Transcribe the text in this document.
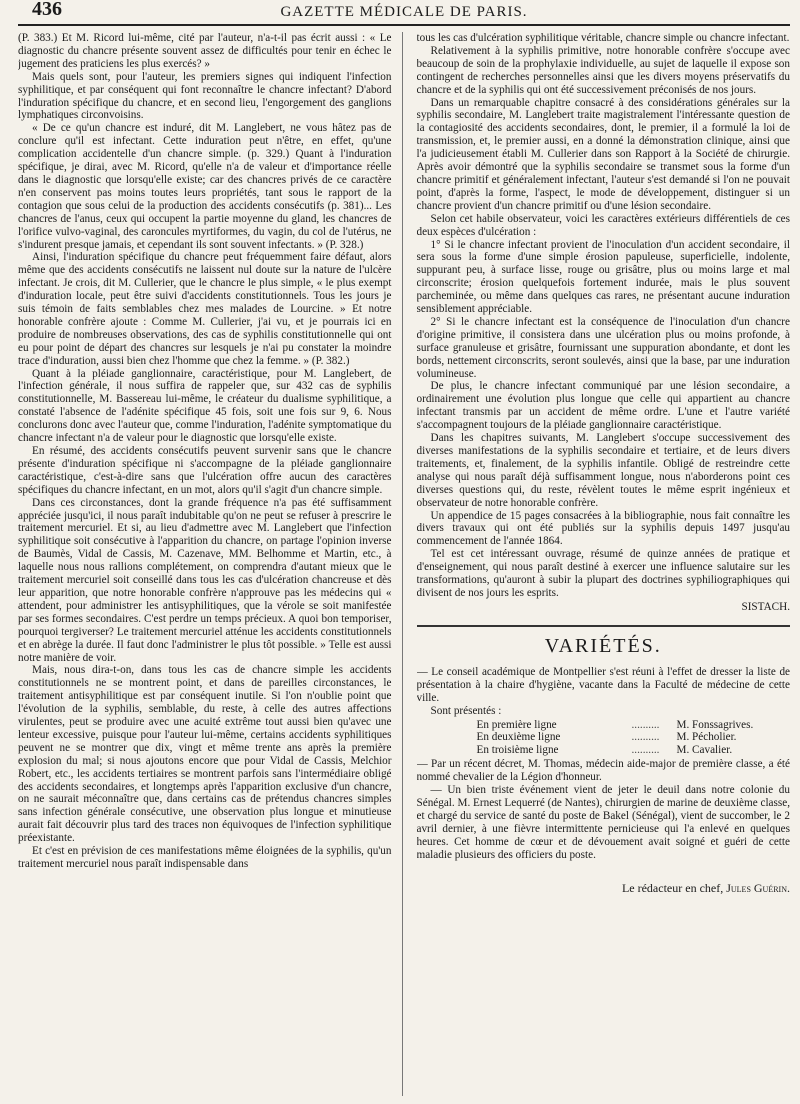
436	GAZETTE MÉDICALE DE PARIS.

(P. 383.) Et M. Ricord lui-même, cité par l'auteur, n'a-t-il pas écrit aussi : « Le diagnostic du chancre présente souvent assez de difficultés pour tenir en échec le jugement des praticiens les plus exercés? »

Mais quels sont, pour l'auteur, les premiers signes qui indiquent l'infection syphilitique, et par conséquent qui font reconnaître le chancre infectant? D'abord l'induration spécifique du chancre, et en second lieu, l'engorgement des ganglions lymphatiques circonvoisins.

« De ce qu'un chancre est induré, dit M. Langlebert, ne vous hâtez pas de conclure qu'il est infectant. Cette induration peut n'être, en effet, qu'une complication accidentelle d'un chancre simple. (p. 329.) Quant à l'induration spécifique, je dirai, avec M. Ricord, qu'elle n'a de valeur et d'importance réelle dans le diagnostic que lorsqu'elle existe; car des chancres privés de ce caractère n'en conservent pas moins toutes leurs propriétés, tant sous le rapport de la contagion que sous celui de la production des accidents consécutifs (p. 381)... Les chancres de l'anus, ceux qui occupent la partie moyenne du gland, les chancres de l'orifice vulvo-vaginal, des caroncules myrtiformes, du vagin, du col de l'utérus, ne s'indurent presque jamais, et cependant ils sont souvent infectants. » (P. 328.)

Ainsi, l'induration spécifique du chancre peut fréquemment faire défaut, alors même que des accidents consécutifs ne laissent nul doute sur la nature de l'ulcère infectant. Je crois, dit M. Cullerier, que le chancre le plus simple, « le plus exempt d'induration locale, peut être suivi d'accidents constitutionnels. Tous les jours je suis témoin de faits semblables chez mes malades de Lourcine. » Et notre honorable confrère ajoute : Comme M. Cullerier, j'ai vu, et je pourrais ici en produire de nombreuses observations, des cas de syphilis constitutionnelle qui ont eu pour point de départ des chancres sur lesquels je n'ai pu constater la moindre trace d'induration, aussi bien chez l'homme que chez la femme. » (P. 382.)

Quant à la pléiade ganglionnaire, caractéristique, pour M. Langlebert, de l'infection générale, il nous suffira de rappeler que, sur 432 cas de syphilis constitutionnelle, M. Bassereau lui-même, le créateur du dualisme syphilitique, a constaté l'absence de l'adénite spécifique 45 fois, soit une fois sur 9, 6. Nous conclurons donc avec l'auteur que, comme l'induration, l'adénite symptomatique du chancre infectant n'a de valeur pour le diagnostic que lorsqu'elle existe.

En résumé, des accidents consécutifs peuvent survenir sans que le chancre présente d'induration spécifique ni s'accompagne de la pléiade ganglionnaire caractéristique, c'est-à-dire sans que l'ulcération offre aucun des caractères spécifiques du chancre infectant, en un mot, alors qu'il s'agit d'un chancre simple.

Dans ces circonstances, dont la grande fréquence n'a pas été suffisamment appréciée jusqu'ici, il nous paraît indubitable qu'on ne peut se refuser à prescrire le traitement mercuriel. Et si, au lieu d'admettre avec M. Langlebert que l'infection syphilitique soit consécutive à l'apparition du chancre, on partage l'opinion inverse de Baumès, Vidal de Cassis, M. Cazenave, MM. Belhomme et Martin, etc., à laquelle nous nous rallions complétement, on comprendra d'autant mieux que le traitement mercuriel soit conseillé dans tous les cas d'ulcération chancreuse et dès leur apparition, que notre honorable confrère n'approuve pas les médecins qui « attendent, pour administrer les antisyphilitiques, que la vérole se soit manifestée par ses formes secondaires. C'est perdre un temps précieux. A quoi bon temporiser, pourquoi tergiverser? Le traitement mercuriel atténue les accidents constitutionnels et en abrège la durée. Il faut donc l'administrer le plus tôt possible. » Telle est aussi notre manière de voir.

Mais, nous dira-t-on, dans tous les cas de chancre simple les accidents constitutionnels ne se montrent point, et dans de pareilles circonstances, le traitement antisyphilitique est par conséquent inutile. Si l'on n'oublie point que l'évolution de la syphilis, semblable, du reste, à celle des autres affections virulentes, peut se produire avec une acuité extrême tout aussi bien qu'avec une lenteur excessive, puisque pour l'auteur lui-même, certains accidents syphilitiques peuvent ne se montrer que dix, vingt et même trente ans après la première explosion du mal; si nous ajoutons encore que pour Vidal de Cassis, Melchior Robert, etc., les accidents tertiaires se montrent parfois sans l'intermédiaire obligé des accidents secondaires, et longtemps après l'apparition exclusive d'un chancre, on ne saurait méconnaître que, dans certains cas de prétendus chancres simples sans infection générale consécutive, une observation plus longue et minutieuse aurait fait découvrir plus tard des traces non équivoques de l'infection syphilitique préexistante.

Et c'est en prévision de ces manifestations même éloignées de la syphilis, qu'un traitement mercuriel nous paraît indispensable dans

tous les cas d'ulcération syphilitique véritable, chancre simple ou chancre infectant.

Relativement à la syphilis primitive, notre honorable confrère s'occupe avec beaucoup de soin de la prophylaxie individuelle, au sujet de laquelle il expose son contingent de recherches personnelles ainsi que les divers moyens préservatifs du chancre et de la syphilis qui ont été successivement préconisés de nos jours.

Dans un remarquable chapitre consacré à des considérations générales sur la syphilis secondaire, M. Langlebert traite magistralement l'intéressante question de la contagiosité des accidents secondaires, dont, le premier, il a formulé la loi de transmission, et, le premier aussi, en a donné la démonstration clinique, ainsi que l'a judicieusement établi M. Cullerier dans son Rapport à la Société de chirurgie. Après avoir démontré que la syphilis secondaire se transmet sous la forme d'un chancre primitif et généralement infectant, l'auteur s'est demandé si l'on ne pouvait point, d'après la forme, l'aspect, le mode de développement, distinguer si un chancre provient d'un chancre primitif ou d'une lésion secondaire.

Selon cet habile observateur, voici les caractères extérieurs différentiels de ces deux espèces d'ulcération :

1° Si le chancre infectant provient de l'inoculation d'un accident secondaire, il sera sous la forme d'une simple érosion papuleuse, superficielle, indolente, suppurant peu, à surface lisse, rouge ou grisâtre, plus ou moins large et mal circonscrite; érosion quelquefois fortement indurée, mais le plus souvent parcheminée, ou même dans quelques cas rares, ne présentant aucune induration sensiblement appréciable.

2° Si le chancre infectant est la conséquence de l'inoculation d'un chancre d'origine primitive, il consistera dans une ulcération plus ou moins profonde, à surface granuleuse et grisâtre, fournissant une suppuration abondante, et dont les bords, nettement circonscrits, seront soulevés, ainsi que la base, par une induration volumineuse.

De plus, le chancre infectant communiqué par une lésion secondaire, a ordinairement une évolution plus longue que celle qui appartient au chancre infectant transmis par un accident de même ordre. L'une et l'autre variété s'accompagnent toujours de la pléiade ganglionnaire caractéristique.

Dans les chapitres suivants, M. Langlebert s'occupe successivement des diverses manifestations de la syphilis secondaire et tertiaire, et de leurs divers traitements, et, finalement, de la syphilis infantile. Obligé de restreindre cette analyse qui nous paraît déjà suffisamment longue, nous n'aborderons point ces diverses questions qui, du reste, révèlent toutes le même esprit ingénieux et observateur de notre honorable confrère.

Un appendice de 15 pages consacrées à la bibliographie, nous fait connaître les divers travaux qui ont été publiés sur la syphilis depuis 1497 jusqu'au commencement de l'année 1864.

Tel est cet intéressant ouvrage, résumé de quinze années de pratique et d'enseignement, qui nous paraît destiné à exercer une influence salutaire sur les transformations, qu'auront à subir la plupart des doctrines syphiliographiques qui divisent de nos jours les esprits.

SISTACH.
VARIÉTÉS.

— Le conseil académique de Montpellier s'est réuni à l'effet de dresser la liste de présentation à la chaire d'hygiène, vacante dans la Faculté de médecine de cette ville.

Sont présentés :

En première ligne	..........	M. Fonssagrives.
En deuxième ligne	..........	M. Pécholier.
En troisième ligne	..........	M. Cavalier.

— Par un récent décret, M. Thomas, médecin aide-major de première classe, a été nommé chevalier de la Légion d'honneur.

— Un bien triste événement vient de jeter le deuil dans notre colonie du Sénégal. M. Ernest Lequerré (de Nantes), chirurgien de marine de deuxième classe, et chargé du service de santé du poste de Bakel (Sénégal), vient de succomber, le 2 avril dernier, à une fièvre intermittente pernicieuse qui l'a enlevé en quelques heures. Cet homme de cœur et de dévouement avait soigné et guéri de cette maladie plusieurs des officiers du poste.

Le rédacteur en chef, Jules Guérin.
